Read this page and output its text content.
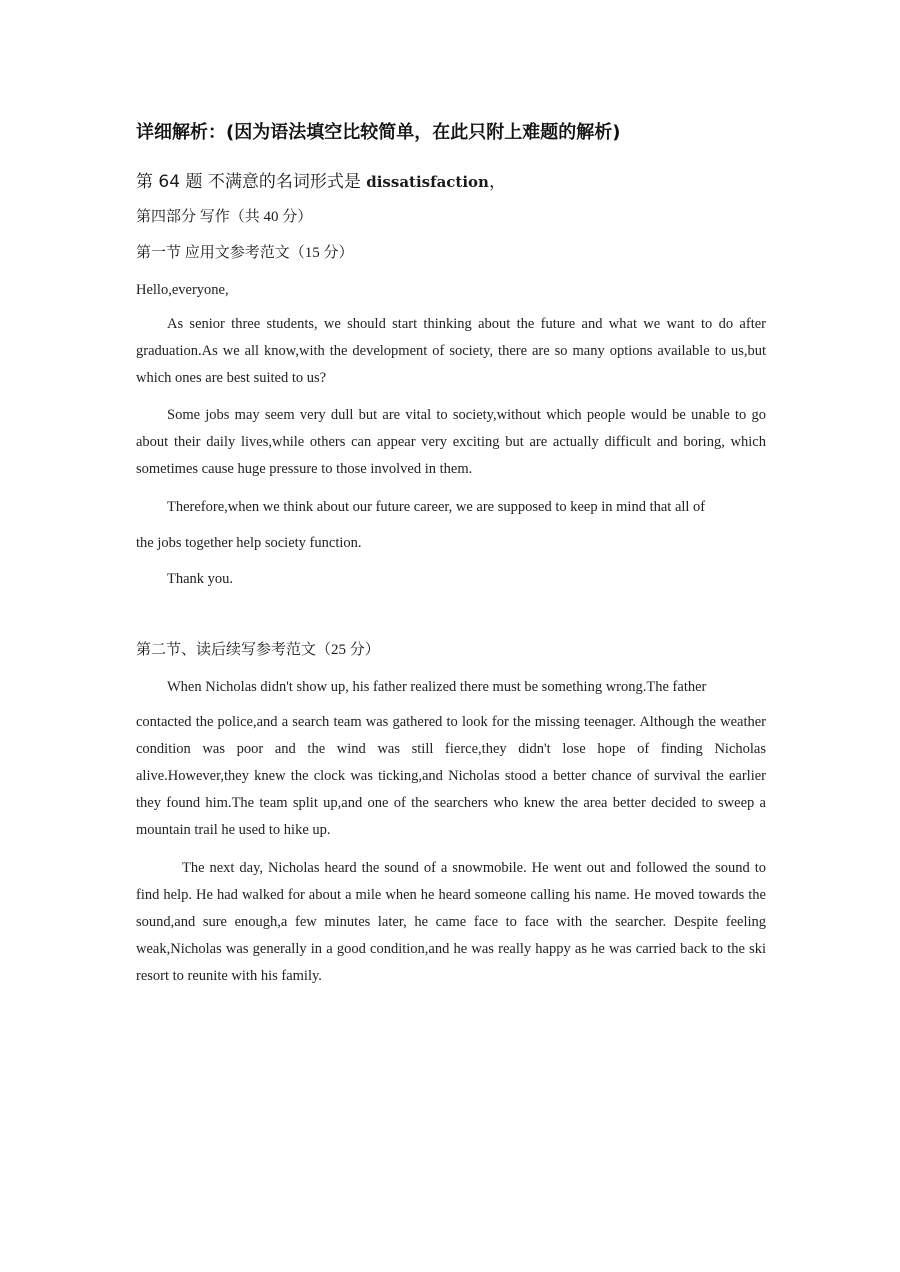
详细解析：(因为语法填空比较简单，在此只附上难题的解析)
第 64 题 不满意的名词形式是 dissatisfaction，
第四部分 写作（共 40 分）
第一节 应用文参考范文（15 分）
Hello,everyone,

As senior three students, we should start thinking about the future and what we want to do after graduation.As we all know,with the development of society, there are so many options available to us,but which ones are best suited to us?

Some jobs may seem very dull but are vital to society,without which people would be unable to go about their daily lives,while others can appear very exciting but are actually difficult and boring, which sometimes cause huge pressure to those involved in them.

Therefore,when we think about our future career, we are supposed to keep in mind that all of
the jobs together help society function.
Thank you.
第二节、读后续写参考范文（25 分）
When Nicholas didn't show up, his father realized there must be something wrong.The father

contacted the police,and a search team was gathered to look for the missing teenager. Although the weather condition was poor and the wind was still fierce,they didn't lose hope of finding Nicholas alive.However,they knew the clock was ticking,and Nicholas stood a better chance of survival the earlier they found him.The team split up,and one of the searchers who knew the area better decided to sweep a mountain trail he used to hike up.

The next day, Nicholas heard the sound of a snowmobile. He went out and followed the sound to find help. He had walked for about a mile when he heard someone calling his name. He moved towards the sound,and sure enough,a few minutes later, he came face to face with the searcher. Despite feeling weak,Nicholas was generally in a good condition,and he was really happy as he was carried back to the ski resort to reunite with his family.
